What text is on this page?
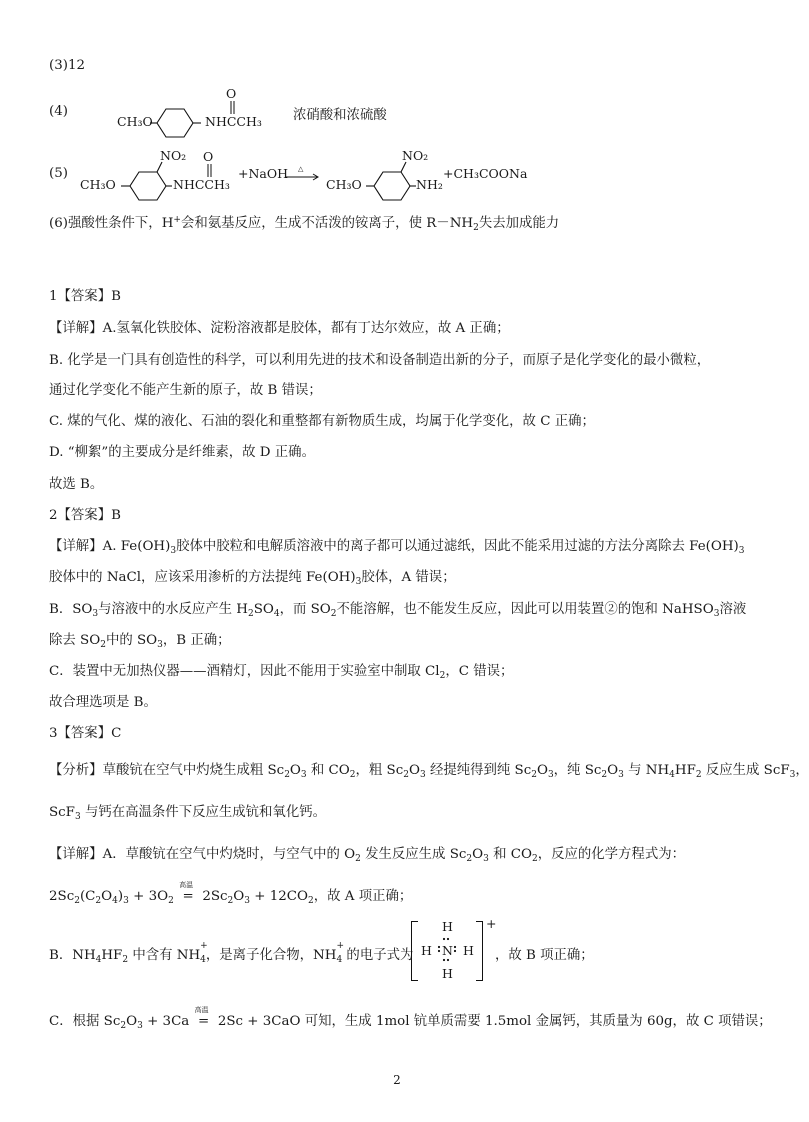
(3)12
(4)
CH₃O	NHCCH₃
O
浓硝酸和浓硫酸
(5)
CH₃O
NO₂
NHCCH₃
O
+NaOH △
→ CH₃O
NO₂
NH₂
+CH₃COONa
(6)强酸性条件下，H+会和氨基反应，生成不活泼的铵离子，使 $R-NH_2$失去加成能力
1【答案】B
【详解】A.氢氧化铁胶体、淀粉溶液都是胶体，都有丁达尔效应，故 A 正确；
B. 化学是一门具有创造性的科学，可以利用先进的技术和设备制造出新的分子，而原子是化学变化的最小微粒，
通过化学变化不能产生新的原子，故 B 错误；
C. 煤的气化、煤的液化、石油的裂化和重整都有新物质生成，均属于化学变化，故 C 正确；
D. “柳絮”的主要成分是纤维素，故 D 正确。
故选 B。
2【答案】B
【详解】A. $Fe(OH)_3$胶体中胶粒和电解质溶液中的离子都可以通过滤纸，因此不能采用过滤的方法分离除去 $Fe(OH)_3$
胶体中的 NaCl，应该采用渗析的方法提纯 $Fe(OH)_3$胶体，A 错误；
B．$SO_3$与溶液中的水反应产生 $H_2SO_4$，而 $SO_2$不能溶解，也不能发生反应，因此可以用装置②的饱和 NaHSO$_3$溶液
除去 $SO_2$中的 $SO_3$，B 正确；
C．装置中无加热仪器——酒精灯，因此不能用于实验室中制取 $Cl_2$，C 错误；
故合理选项是 B。
3【答案】C
【分析】草酸钪在空气中灼烧生成粗 $Sc_2O_3$ 和 $CO_2$，粗 $Sc_2O_3$ 经提纯得到纯 $Sc_2O_3$，纯 $Sc_2O_3$ 与 $NH_4HF_2$ 反应生成 ScF$_3$，
ScF$_3$ 与钙在高温条件下反应生成钪和氧化钙。
【详解】A．草酸钪在空气中灼烧时，与空气中的 $O_2$ 发生反应生成 $Sc_2O_3$ 和 $CO_2$，反应的化学方程式为：
$2Sc_2(C_2O_4)_3 + 3O_2$ =
高温
$2Sc_2O_3 + 12CO_2$，故 A 项正确；
B．$NH_4HF_2$ 中含有 $NH_4$
+
，是离子化合物，$NH_4$
+
的电子式为
H
H N H
H
+
，故 B 项正确；
C．根据 $Sc_2O_3 + 3Ca$ =
高温
2Sc + 3CaO 可知，生成 1mol 钪单质需要 1.5mol 金属钙，其质量为 60g，故 C 项错误；
2
